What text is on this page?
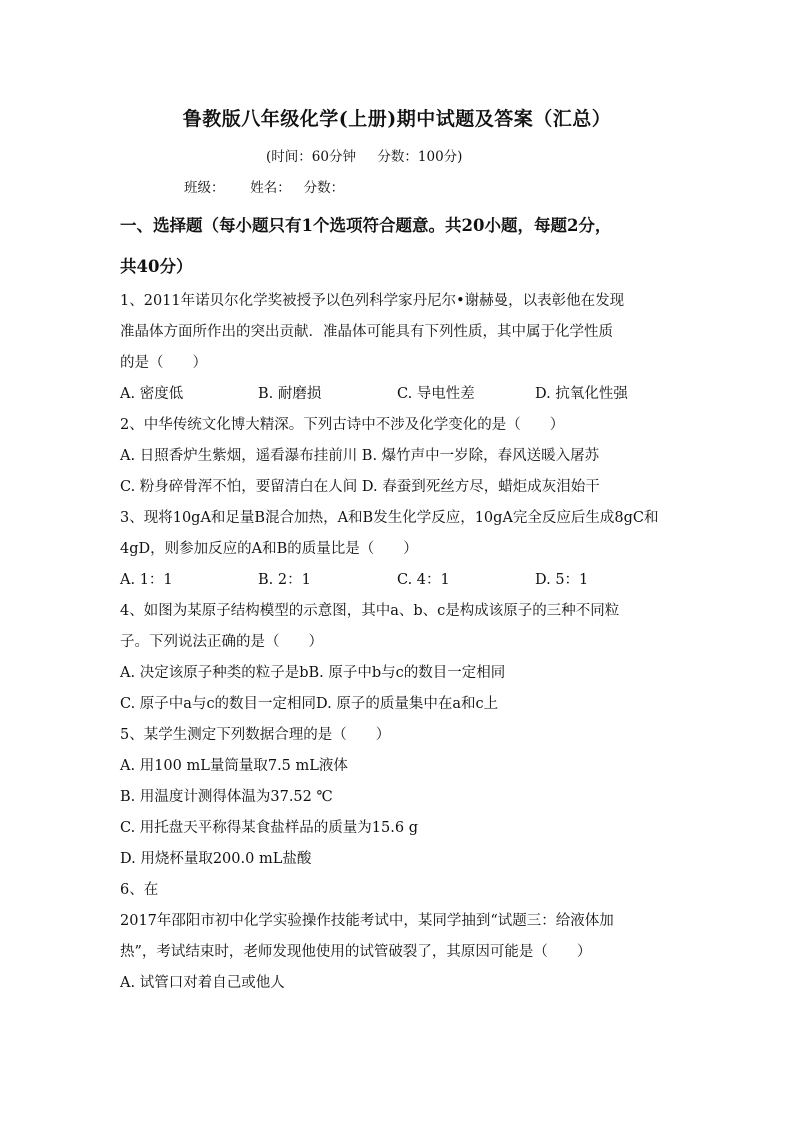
鲁教版八年级化学(上册)期中试题及答案（汇总）
(时间：60分钟     分数：100分)
班级：      姓名：   分数：
一、选择题（每小题只有1个选项符合题意。共20小题，每题2分，
共40分）
1、2011年诺贝尔化学奖被授予以色列科学家丹尼尔•谢赫曼，以表彰他在发现
准晶体方面所作出的突出贡献．准晶体可能具有下列性质，其中属于化学性质
的是（　　）
A. 密度低	B. 耐磨损	C. 导电性差	D. 抗氧化性强
2、中华传统文化博大精深。下列古诗中不涉及化学变化的是（　　）
A. 日照香炉生紫烟，遥看瀑布挂前川 B. 爆竹声中一岁除，春风送暖入屠苏
C. 粉身碎骨浑不怕，要留清白在人间 D. 春蚕到死丝方尽，蜡炬成灰泪始干
3、现将10gA和足量B混合加热，A和B发生化学反应，10gA完全反应后生成8gC和
4gD，则参加反应的A和B的质量比是（　　）
A. 1：1	B. 2：1	C. 4：1	D. 5：1
4、如图为某原子结构模型的示意图，其中a、b、c是构成该原子的三种不同粒
子。下列说法正确的是（　　）
A. 决定该原子种类的粒子是bB. 原子中b与c的数目一定相同
C. 原子中a与c的数目一定相同D. 原子的质量集中在a和c上
5、某学生测定下列数据合理的是（　　）
A. 用100 mL量筒量取7.5 mL液体
B. 用温度计测得体温为37.52 ℃
C. 用托盘天平称得某食盐样品的质量为15.6 g
D. 用烧杯量取200.0 mL盐酸
6、在
2017年邵阳市初中化学实验操作技能考试中，某同学抽到“试题三：给液体加
热”，考试结束时，老师发现他使用的试管破裂了，其原因可能是（　　）
A. 试管口对着自己或他人
